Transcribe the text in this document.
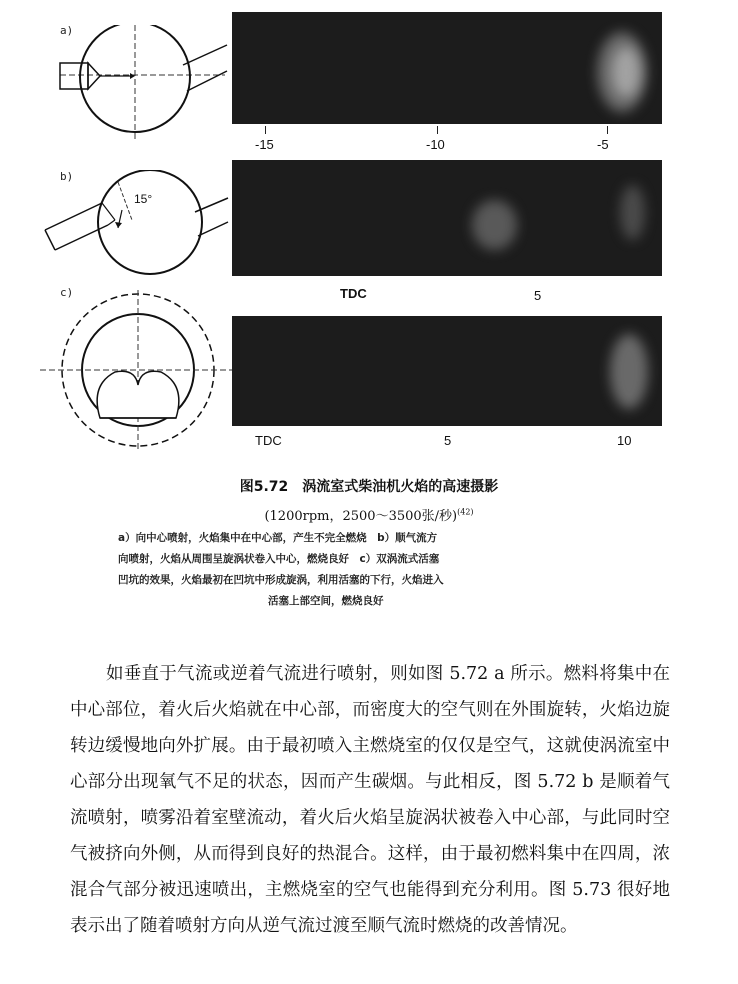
a)
-15	-10	-5
b)
15°
TDC	5
c)
TDC	5	10
图5.72　涡流室式柴油机火焰的高速摄影
(1200rpm，2500～3500张/秒)$^{(42)}$
a）向中心喷射，火焰集中在中心部，产生不完全燃烧　b）顺气流方
向喷射，火焰从周围呈旋涡状卷入中心，燃烧良好　c）双涡流式活塞
凹坑的效果，火焰最初在凹坑中形成旋涡，利用活塞的下行，火焰进入
活塞上部空间，燃烧良好
如垂直于气流或逆着气流进行喷射，则如图 5.72 a 所示。燃料将集中在中心部位，着火后火焰就在中心部，而密度大的空气则在外围旋转，火焰边旋转边缓慢地向外扩展。由于最初喷入主燃烧室的仅仅是空气，这就使涡流室中心部分出现氧气不足的状态，因而产生碳烟。与此相反，图 5.72 b 是顺着气流喷射，喷雾沿着室壁流动，着火后火焰呈旋涡状被卷入中心部，与此同时空气被挤向外侧，从而得到良好的热混合。这样，由于最初燃料集中在四周，浓混合气部分被迅速喷出，主燃烧室的空气也能得到充分利用。图 5.73 很好地表示出了随着喷射方向从逆气流过渡至顺气流时燃烧的改善情况。
